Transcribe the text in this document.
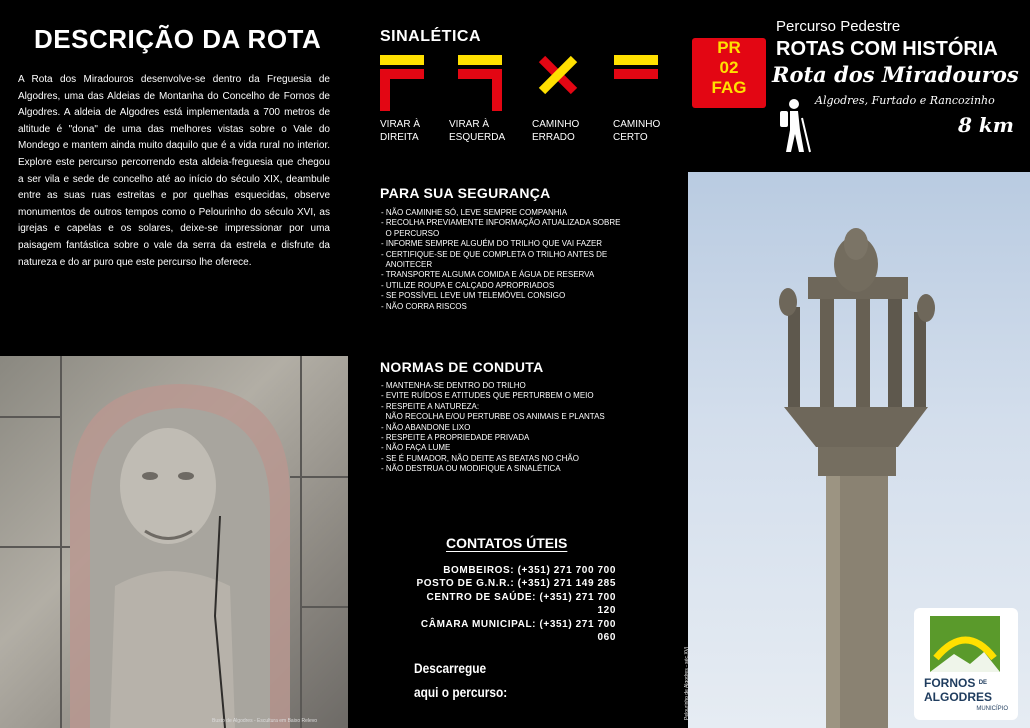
DESCRIÇÃO DA ROTA

A Rota dos Miradouros desenvolve-se dentro da Freguesia de Algodres, uma das Aldeias de Montanha do Concelho de Fornos de Algodres. A aldeia de Algodres está implementada a 700 metros de altitude é "dona" de uma das melhores vistas sobre o Vale do Mondego e mantem ainda muito daquilo que é a vida rural no interior. Explore este percurso percorrendo esta aldeia-freguesia que chegou a ser vila e sede de concelho até ao início do século XIX, deambule entre as suas ruas estreitas e por quelhas esquecidas, observe monumentos de outros tempos como o Pelourinho do século XVI, as igrejas e capelas e os solares, deixe-se impressionar por uma paisagem fantástica sobre o vale da serra da estrela e disfrute da natureza e do ar puro que este percurso lhe oferece.

Busto de Algodres - Escultura em Baixo Relevo
SINALÉTICA
VIRAR À
DIREITA
VIRAR À
ESQUERDA
CAMINHO
ERRADO
CAMINHO
CERTO
PARA SUA SEGURANÇA
- NÃO CAMINHE SÓ, LEVE SEMPRE COMPANHIA
- RECOLHA PREVIAMENTE INFORMAÇÃO ATUALIZADA SOBRE
O PERCURSO
- INFORME SEMPRE ALGUÉM DO TRILHO QUE VAI FAZER
- CERTIFIQUE-SE DE QUE COMPLETA O TRILHO ANTES DE
ANOITECER
- TRANSPORTE ALGUMA COMIDA E ÁGUA DE RESERVA
- UTILIZE ROUPA E CALÇADO APROPRIADOS
- SE POSSÍVEL LEVE UM TELEMÓVEL CONSIGO
- NÃO CORRA RISCOS
NORMAS DE CONDUTA
- MANTENHA-SE DENTRO DO TRILHO
- EVITE RUÍDOS E ATITUDES QUE PERTURBEM O MEIO
- RESPEITE A NATUREZA:
NÃO RECOLHA E/OU PERTURBE OS ANIMAIS E PLANTAS
- NÃO ABANDONE LIXO
- RESPEITE A PROPRIEDADE PRIVADA
- NÃO FAÇA LUME
- SE É FUMADOR, NÃO DEITE AS BEATAS NO CHÃO
- NÃO DESTRUA OU MODIFIQUE A SINALÉTICA
CONTATOS ÚTEIS
BOMBEIROS: (+351) 271 700 700
POSTO DE G.N.R.: (+351) 271 149 285
CENTRO DE SAÚDE: (+351) 271 700 120
CÂMARA MUNICIPAL: (+351) 271 700 060
Descarregue
aqui o percurso:
PR
02
FAG
Percurso Pedestre
ROTAS COM HISTÓRIA
Rota dos Miradouros
Algodres, Furtado e Rancozinho
8 km
Pelourinho de Algodres - séc.XVI	FORNOS $^{DE}$
ALGODRES
MUNICÍPIO
